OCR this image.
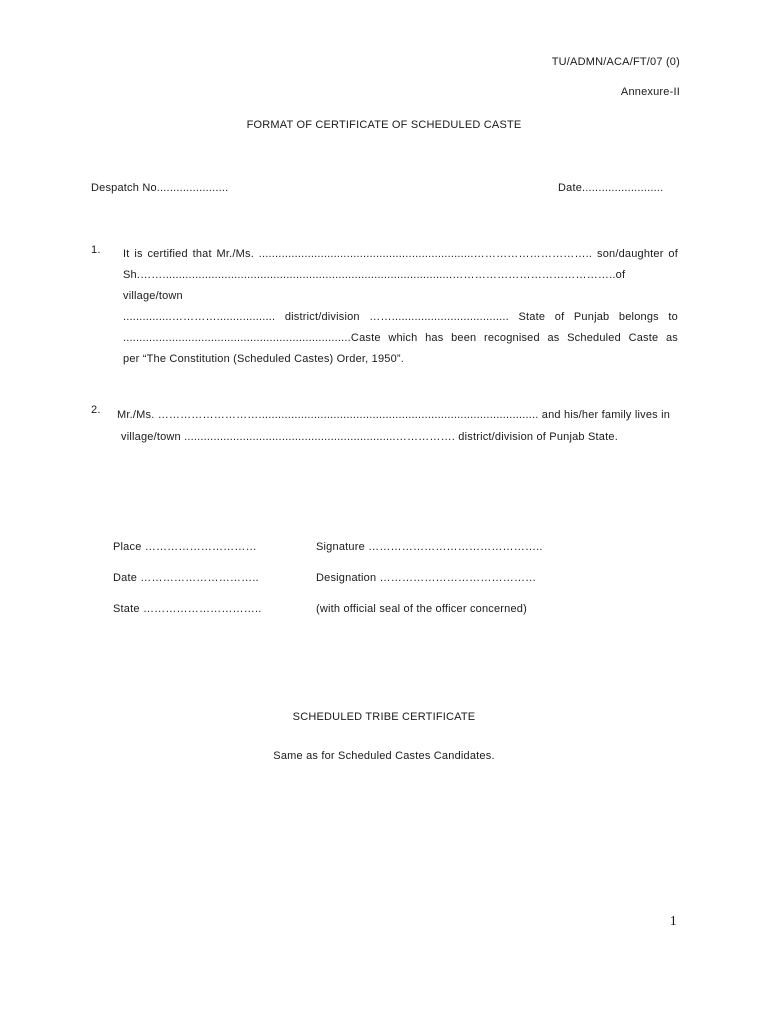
TU/ADMN/ACA/FT/07 (0)
Annexure-II
FORMAT OF CERTIFICATE OF SCHEDULED CASTE
Despatch No......................	Date.........................
1. It is certified that Mr./Ms. ..................................................................………………………….. son/daughter of
Sh.…….........................................................................................……………………………………..of village/town
...............………….................. district/division …….................................... State of Punjab belongs to
......................................................................Caste which has been recognised as Scheduled Caste as
per “The Constitution (Scheduled Castes) Order, 1950”.
2. Mr./Ms. ………………………...................................................................................... and his/her family lives in
village/town .................................................................……………. district/division of Punjab State.
Place …………………………
Date …………………………..
State …………………………..
Signature ………………………………………..
Designation ……………………………………
(with official seal of the officer concerned)
SCHEDULED TRIBE CERTIFICATE
Same as for Scheduled Castes Candidates.
1
